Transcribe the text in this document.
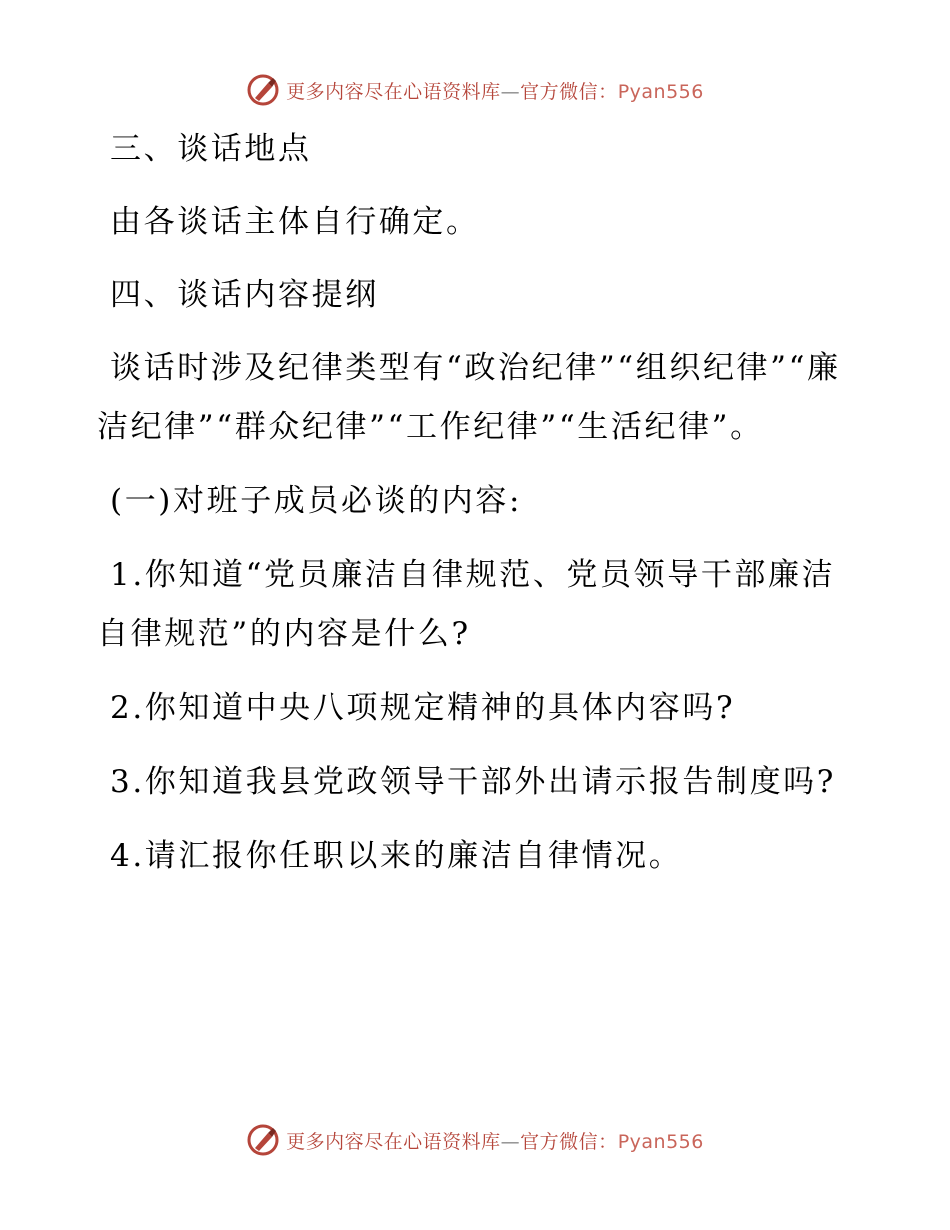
更多内容尽在心语资料库—官方微信：Pyan556

三、谈话地点

由各谈话主体自行确定。

四、谈话内容提纲

谈话时涉及纪律类型有“政治纪律”“组织纪律”“廉洁纪律”“群众纪律”“工作纪律”“生活纪律”。

(一)对班子成员必谈的内容:

1.你知道“党员廉洁自律规范、党员领导干部廉洁自律规范”的内容是什么?

2.你知道中央八项规定精神的具体内容吗?

3.你知道我县党政领导干部外出请示报告制度吗?

4.请汇报你任职以来的廉洁自律情况。

更多内容尽在心语资料库—官方微信：Pyan556
